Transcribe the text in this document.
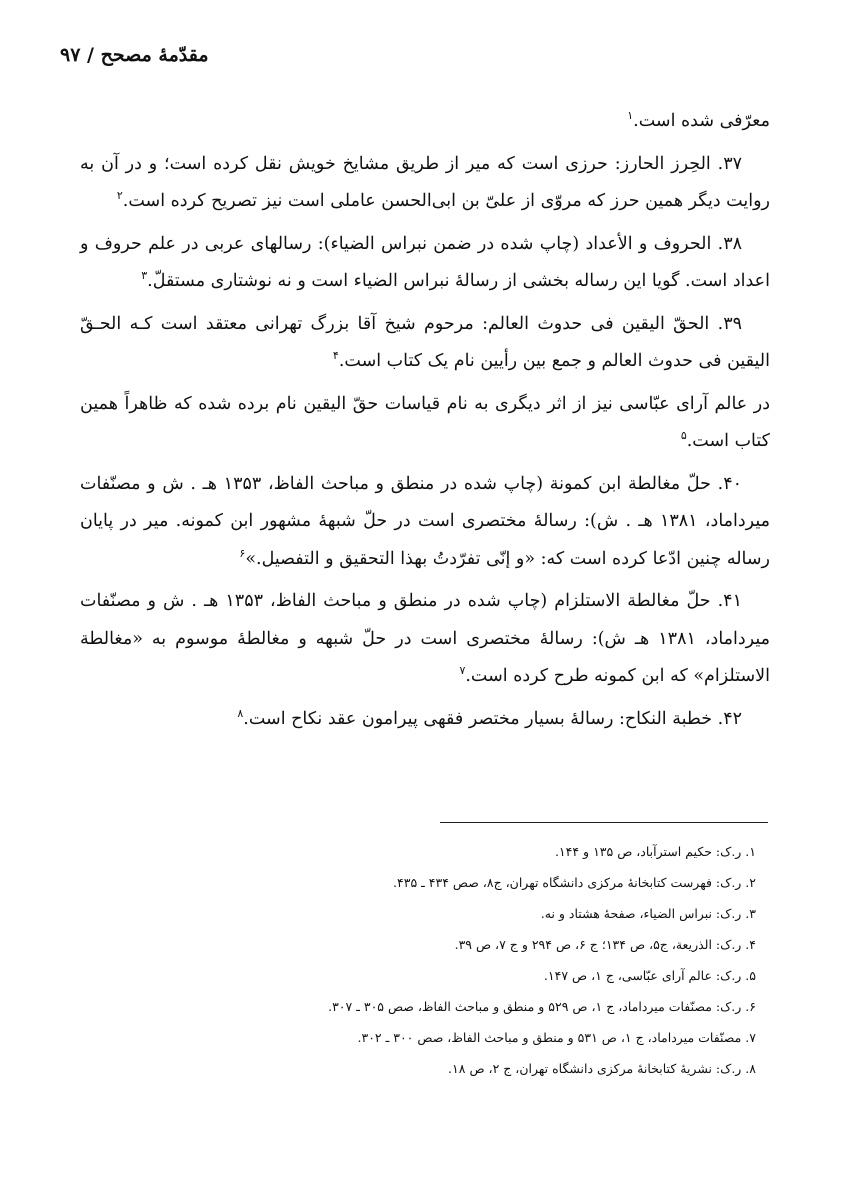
مقدّمهٔ مصحح / ۹۷

معرّفی شده است.$^۱$

۳۷. الحِرز الحارز: حرزی است که میر از طریق مشایخ خویش نقل کرده است؛ و در آن به روایت دیگر همین حرز که مروّی از علیّ بن ابی‌الحسن عاملی است نیز تصریح کرده است.$^۲$

۳۸. الحروف و الأعداد (چاپ شده در ضمن نبراس الضیاء): رسالهای عربی در علم حروف و اعداد است. گویا این رساله بخشی از رسالهٔ نبراس الضیاء است و نه نوشتاری مستقلّ.$^۳$

۳۹. الحقّ الیقین فی حدوث العالم: مرحوم شیخ آقا بزرگ تهرانی معتقد است کـه الحـقّ الیقین فی حدوث العالم و جمع بین رأیین نام یک کتاب است.$^۴$

در عالم آرای عبّاسی نیز از اثر دیگری به نام قیاسات حقّ الیقین نام برده شده که ظاهراً همین کتاب است.$^۵$

۴۰. حلّ مغالطة ابن کمونة (چاپ شده در منطق و مباحث الفاظ، ۱۳۵۳ هـ . ش و مصنّفات میرداماد، ۱۳۸۱ هـ . ش): رسالهٔ مختصری است در حلّ شبههٔ مشهور ابن کمونه. میر در پایان رساله چنین ادّعا کرده است که: «و إنّی تفرّدتُ بهذا التحقیق و التفصیل.»$^۶$

۴۱. حلّ مغالطة الاستلزام (چاپ شده در منطق و مباحث الفاظ، ۱۳۵۳ هـ . ش و مصنّفات میرداماد، ۱۳۸۱ هـ ش): رسالهٔ مختصری است در حلّ شبهه و مغالطهٔ موسوم به «مغالطة الاستلزام» که ابن کمونه طرح کرده است.$^۷$

۴۲. خطبة النکاح: رسالهٔ بسیار مختصر فقهی پیرامون عقد نکاح است.$^۸$

۱. ر.ک: حکیم استرآباد، ص ۱۳۵ و ۱۴۴.
۲. ر.ک: فهرست کتابخانهٔ مرکزی دانشگاه تهران، ج۸، صص ۴۳۴ ـ ۴۳۵.
۳. ر.ک: نبراس الضیاء، صفحهٔ هشتاد و نه.
۴. ر.ک: الذریعة، ج۵، ص ۱۳۴؛ ج ۶، ص ۲۹۴ و ج ۷، ص ۳۹.
۵. ر.ک: عالم آرای عبّاسی، ج ۱، ص ۱۴۷.
۶. ر.ک: مصنّفات میرداماد، ج ۱، ص ۵۲۹ و منطق و مباحث الفاظ، صص ۳۰۵ ـ ۳۰۷.
۷. مصنّفات میرداماد، ج ۱، ص ۵۳۱ و منطق و مباحث الفاظ، صص ۳۰۰ ـ ۳۰۲.
۸. ر.ک: نشریهٔ کتابخانهٔ مرکزی دانشگاه تهران، ج ۲، ص ۱۸.
